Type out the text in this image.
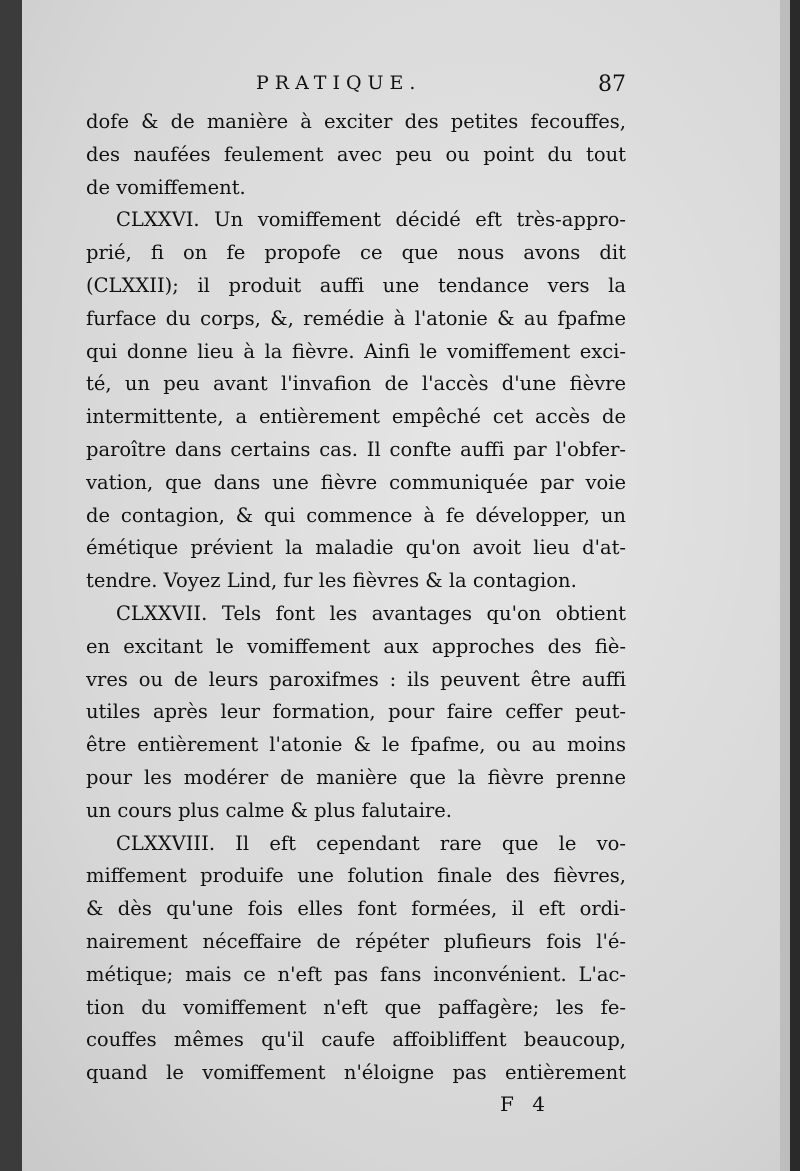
PRATIQUE.	87
dofe & de manière à exciter des petites fecouffes,
des naufées feulement avec peu ou point du tout
de vomiffement.
CLXXVI. Un vomiffement décidé eft très-appro-
prié, fi on fe propofe ce que nous avons dit
(CLXXII); il produit auffi une tendance vers la
furface du corps, &, remédie à l'atonie & au fpafme
qui donne lieu à la fièvre. Ainfi le vomiffement exci-
té, un peu avant l'invafion de l'accès d'une fièvre
intermittente, a entièrement empêché cet accès de
paroître dans certains cas. Il confte auffi par l'obfer-
vation, que dans une fièvre communiquée par voie
de contagion, & qui commence à fe développer, un
émétique prévient la maladie qu'on avoit lieu d'at-
tendre. Voyez Lind, fur les fièvres & la contagion.
CLXXVII. Tels font les avantages qu'on obtient
en excitant le vomiffement aux approches des fiè-
vres ou de leurs paroxifmes : ils peuvent être auffi
utiles après leur formation, pour faire ceffer peut-
être entièrement l'atonie & le fpafme, ou au moins
pour les modérer de manière que la fièvre prenne
un cours plus calme & plus falutaire.
CLXXVIII. Il eft cependant rare que le vo-
miffement produife une folution finale des fièvres,
& dès qu'une fois elles font formées, il eft ordi-
nairement néceffaire de répéter plufieurs fois l'é-
métique; mais ce n'eft pas fans inconvénient. L'ac-
tion du vomiffement n'eft que paffagère; les fe-
couffes mêmes qu'il caufe affoibliffent beaucoup,
quand le vomiffement n'éloigne pas entièrement
F 4
